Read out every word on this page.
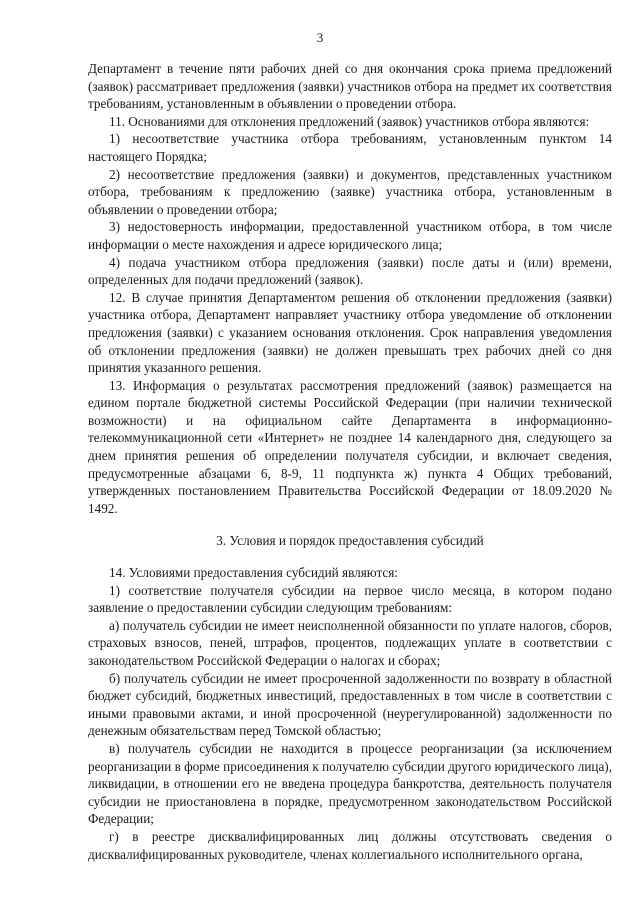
3

Департамент в течение пяти рабочих дней со дня окончания срока приема предложений (заявок) рассматривает предложения (заявки) участников отбора на предмет их соответствия требованиям, установленным в объявлении о проведении отбора.

11. Основаниями для отклонения предложений (заявок) участников отбора являются:

1) несоответствие участника отбора требованиям, установленным пунктом 14 настоящего Порядка;

2) несоответствие предложения (заявки) и документов, представленных участником отбора, требованиям к предложению (заявке) участника отбора, установленным в объявлении о проведении отбора;

3) недостоверность информации, предоставленной участником отбора, в том числе информации о месте нахождения и адресе юридического лица;

4) подача участником отбора предложения (заявки) после даты и (или) времени, определенных для подачи предложений (заявок).

12. В случае принятия Департаментом решения об отклонении предложения (заявки) участника отбора, Департамент направляет участнику отбора уведомление об отклонении предложения (заявки) с указанием основания отклонения. Срок направления уведомления об отклонении предложения (заявки) не должен превышать трех рабочих дней со дня принятия указанного решения.

13. Информация о результатах рассмотрения предложений (заявок) размещается на едином портале бюджетной системы Российской Федерации (при наличии технической возможности) и на официальном сайте Департамента в информационно-телекоммуникационной сети «Интернет» не позднее 14 календарного дня, следующего за днем принятия решения об определении получателя субсидии, и включает сведения, предусмотренные абзацами 6, 8-9, 11 подпункта ж) пункта 4 Общих требований, утвержденных постановлением Правительства Российской Федерации от 18.09.2020 № 1492.

3. Условия и порядок предоставления субсидий

14. Условиями предоставления субсидий являются:

1) соответствие получателя субсидии на первое число месяца, в котором подано заявление о предоставлении субсидии следующим требованиям:

а) получатель субсидии не имеет неисполненной обязанности по уплате налогов, сборов, страховых взносов, пеней, штрафов, процентов, подлежащих уплате в соответствии с законодательством Российской Федерации о налогах и сборах;

б) получатель субсидии не имеет просроченной задолженности по возврату в областной бюджет субсидий, бюджетных инвестиций, предоставленных в том числе в соответствии с иными правовыми актами, и иной просроченной (неурегулированной) задолженности по денежным обязательствам перед Томской областью;

в) получатель субсидии не находится в процессе реорганизации (за исключением реорганизации в форме присоединения к получателю субсидии другого юридического лица), ликвидации, в отношении его не введена процедура банкротства, деятельность получателя субсидии не приостановлена в порядке, предусмотренном законодательством Российской Федерации;

г) в реестре дисквалифицированных лиц должны отсутствовать сведения о дисквалифицированных руководителе, членах коллегиального исполнительного органа,
